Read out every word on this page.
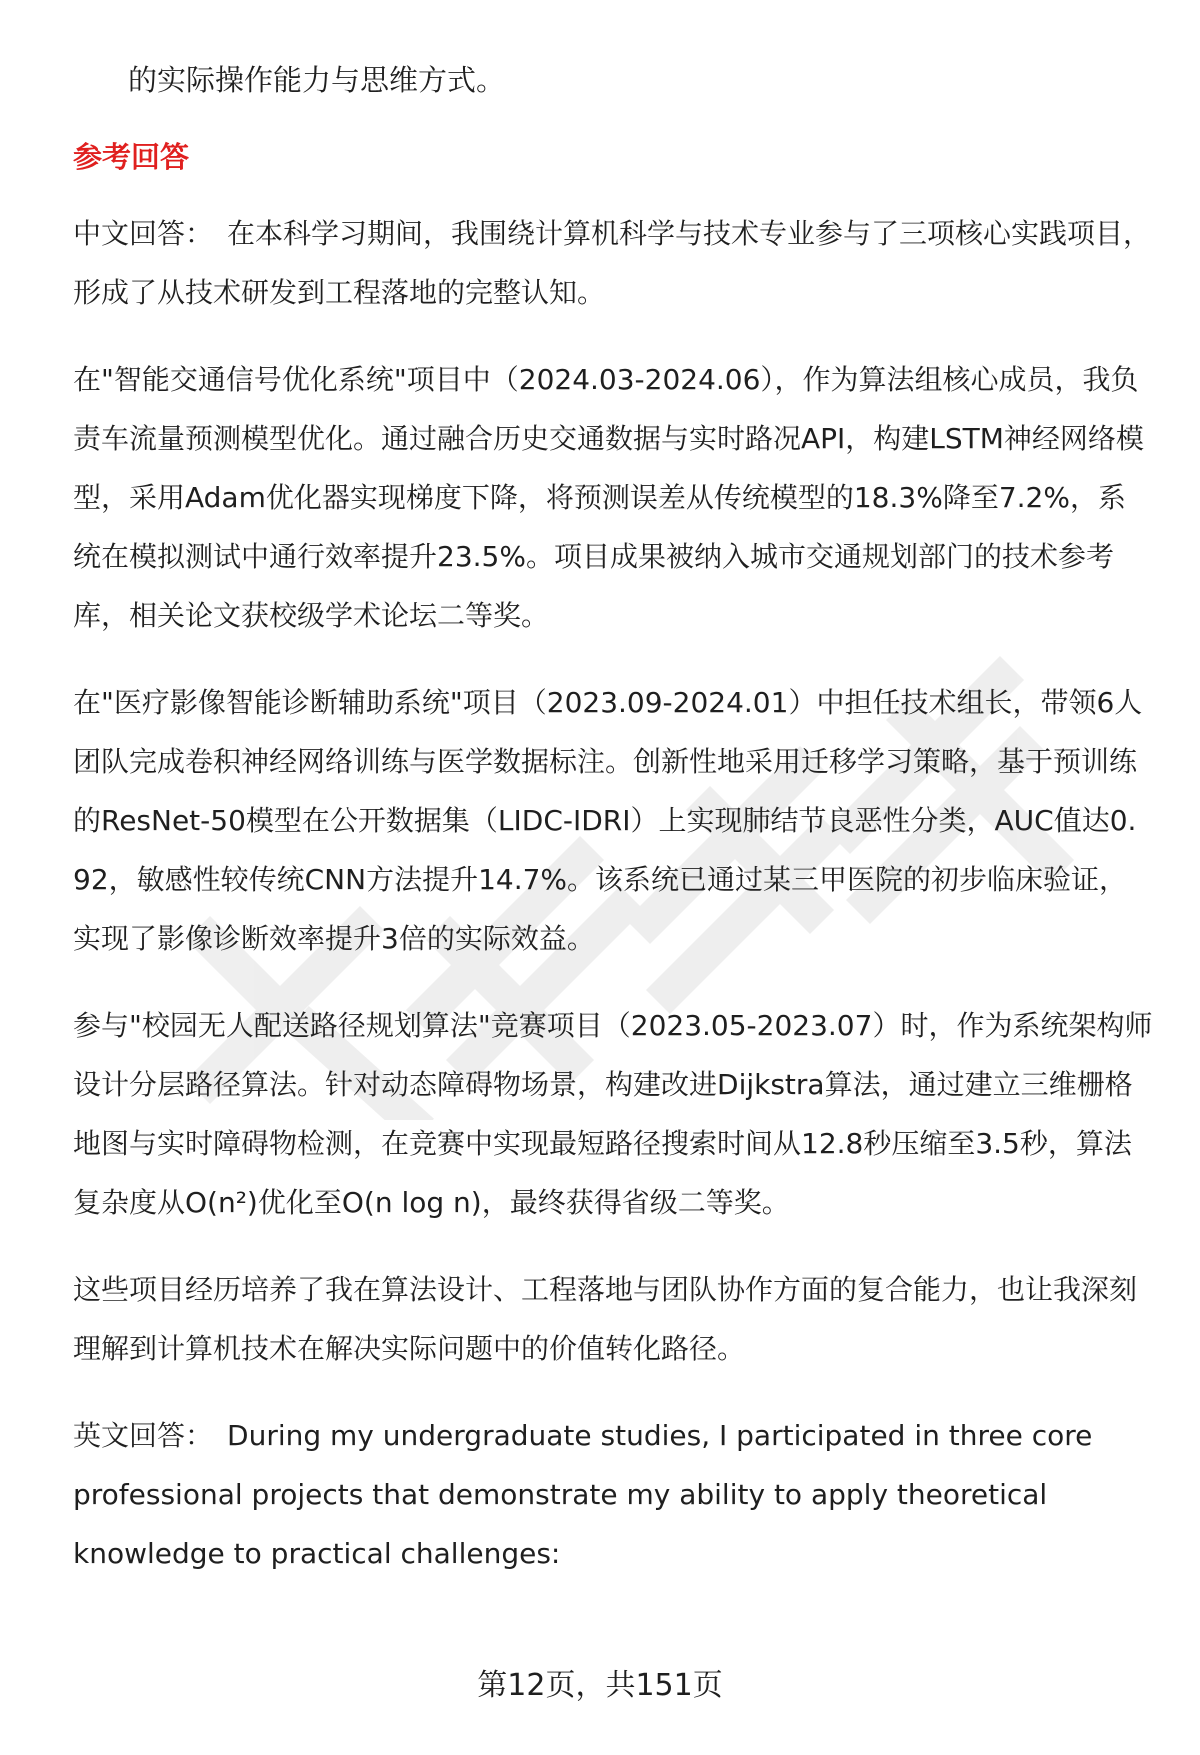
的实际操作能力与思维方式。

参考回答

中文回答： 在本科学习期间，我围绕计算机科学与技术专业参与了三项核心实践项目，形成了从技术研发到工程落地的完整认知。

在"智能交通信号优化系统"项目中（2024.03-2024.06），作为算法组核心成员，我负责车流量预测模型优化。通过融合历史交通数据与实时路况API，构建LSTM神经网络模型，采用Adam优化器实现梯度下降，将预测误差从传统模型的18.3%降至7.2%，系统在模拟测试中通行效率提升23.5%。项目成果被纳入城市交通规划部门的技术参考库，相关论文获校级学术论坛二等奖。

在"医疗影像智能诊断辅助系统"项目（2023.09-2024.01）中担任技术组长，带领6人团队完成卷积神经网络训练与医学数据标注。创新性地采用迁移学习策略，基于预训练的ResNet-50模型在公开数据集（LIDC-IDRI）上实现肺结节良恶性分类，AUC值达0.92，敏感性较传统CNN方法提升14.7%。该系统已通过某三甲医院的初步临床验证，实现了影像诊断效率提升3倍的实际效益。

参与"校园无人配送路径规划算法"竞赛项目（2023.05-2023.07）时，作为系统架构师设计分层路径算法。针对动态障碍物场景，构建改进Dijkstra算法，通过建立三维栅格地图与实时障碍物检测，在竞赛中实现最短路径搜索时间从12.8秒压缩至3.5秒，算法复杂度从O(n²)优化至O(n log n)，最终获得省级二等奖。

这些项目经历培养了我在算法设计、工程落地与团队协作方面的复合能力，也让我深刻理解到计算机技术在解决实际问题中的价值转化路径。

英文回答： During my undergraduate studies, I participated in three core professional projects that demonstrate my ability to apply theoretical knowledge to practical challenges:

第12页，共151页
